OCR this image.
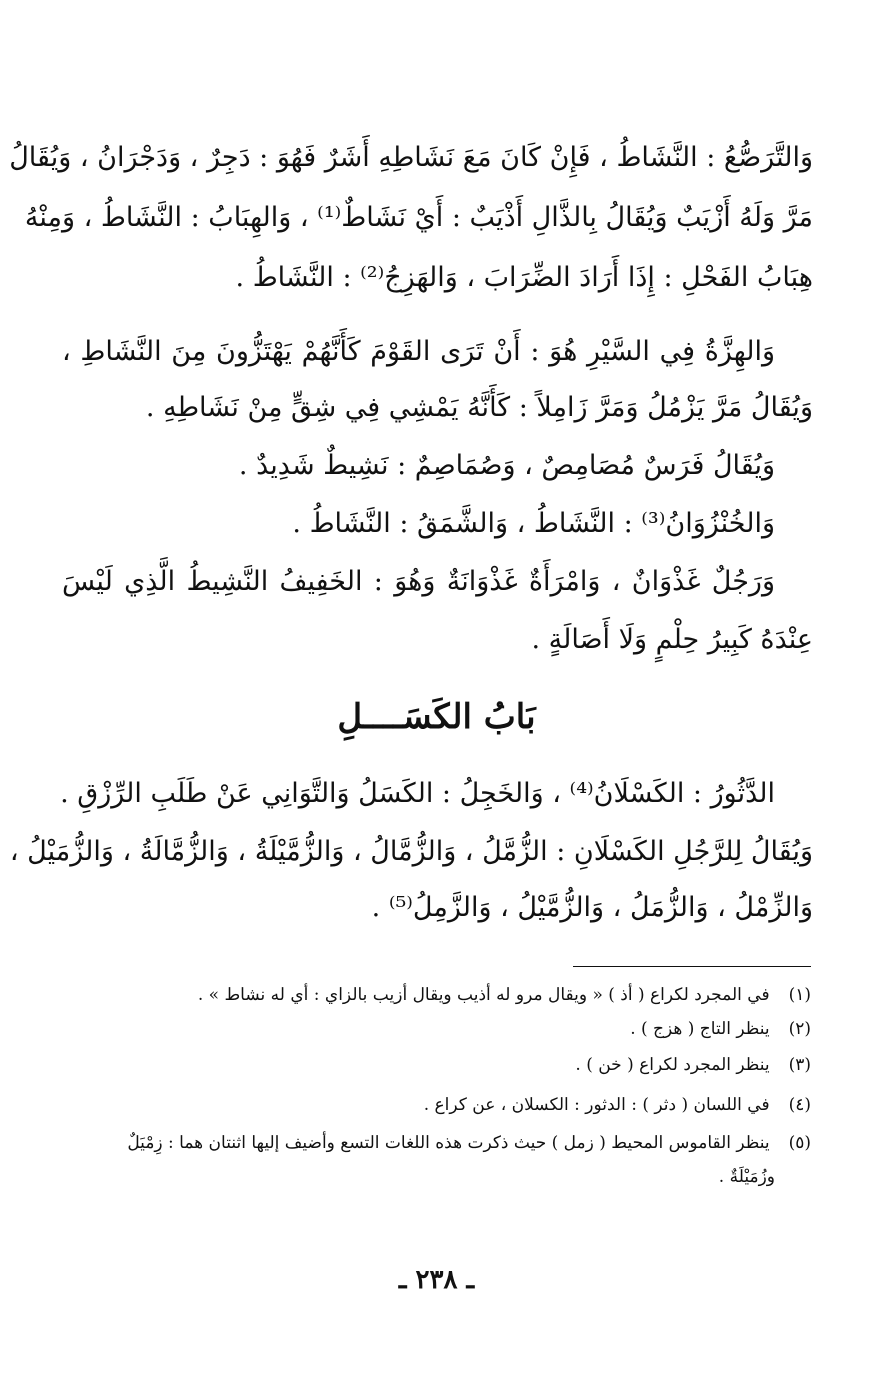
وَالتَّرَصُّعُ : النَّشَاطُ ، فَإِنْ كَانَ مَعَ نَشَاطِهِ أَشَرٌ فَهُوَ : دَجِرٌ ، وَدَجْرَانُ ، وَيُقَالُ
مَرَّ وَلَهُ أَزْيَبٌ وَيُقَالُ بِالذَّالِ أَذْيَبٌ : أَيْ نَشَاطٌ⁽¹⁾ ، وَالهِبَابُ : النَّشَاطُ ، وَمِنْهُ
هِبَابُ الفَحْلِ : إِذَا أَرَادَ الضِّرَابَ ، وَالهَزِجُ⁽²⁾ : النَّشَاطُ .
وَالهِزَّةُ فِي السَّيْرِ هُوَ : أَنْ تَرَى القَوْمَ كَأَنَّهُمْ يَهْتَزُّونَ مِنَ النَّشَاطِ ،
وَيُقَالُ مَرَّ يَزْمُلُ وَمَرَّ زَامِلاً : كَأَنَّهُ يَمْشِي فِي شِقٍّ مِنْ نَشَاطِهِ .
وَيُقَالُ فَرَسٌ مُصَامِصٌ ، وَصُمَاصِمٌ : نَشِيطٌ شَدِيدٌ .
وَالخُنْزُوَانُ⁽³⁾ : النَّشَاطُ ، وَالشَّمَقُ : النَّشَاطُ .
وَرَجُلٌ غَذْوَانٌ ، وَامْرَأَةٌ غَذْوَانَةٌ وَهُوَ : الخَفِيفُ النَّشِيطُ الَّذِي لَيْسَ
عِنْدَهُ كَبِيرُ حِلْمٍ وَلَا أَصَالَةٍ .
بَابُ الكَسَــــلِ
الدَّثُورُ : الكَسْلَانُ⁽⁴⁾ ، وَالخَجِلُ : الكَسَلُ وَالتَّوَانِي عَنْ طَلَبِ الرِّزْقِ .
وَيُقَالُ لِلرَّجُلِ الكَسْلَانِ : الزُّمَّلُ ، وَالزُّمَّالُ ، وَالزُّمَّيْلَةُ ، وَالزُّمَّالَةُ ، وَالزُّمَيْلُ ،
وَالزِّمْلُ ، وَالزُّمَلُ ، وَالزُّمَّيْلُ ، وَالزَّمِلُ⁽⁵⁾ .
(١) في المجرد لكراع ( أذ ) « ويقال مرو له أذيب ويقال أزيب بالزاي : أي له نشاط » .
(٢) ينظر التاج ( هزج ) .
(٣) ينظر المجرد لكراع ( خن ) .
(٤) في اللسان ( دثر ) : الدثور : الكسلان ، عن كراع .
(٥) ينظر القاموس المحيط ( زمل ) حيث ذكرت هذه اللغات التسع وأضيف إليها اثنتان هما : زِمْيَلٌ
وزُمَيْلَةٌ .
ـ ٢٣٨ ـ
